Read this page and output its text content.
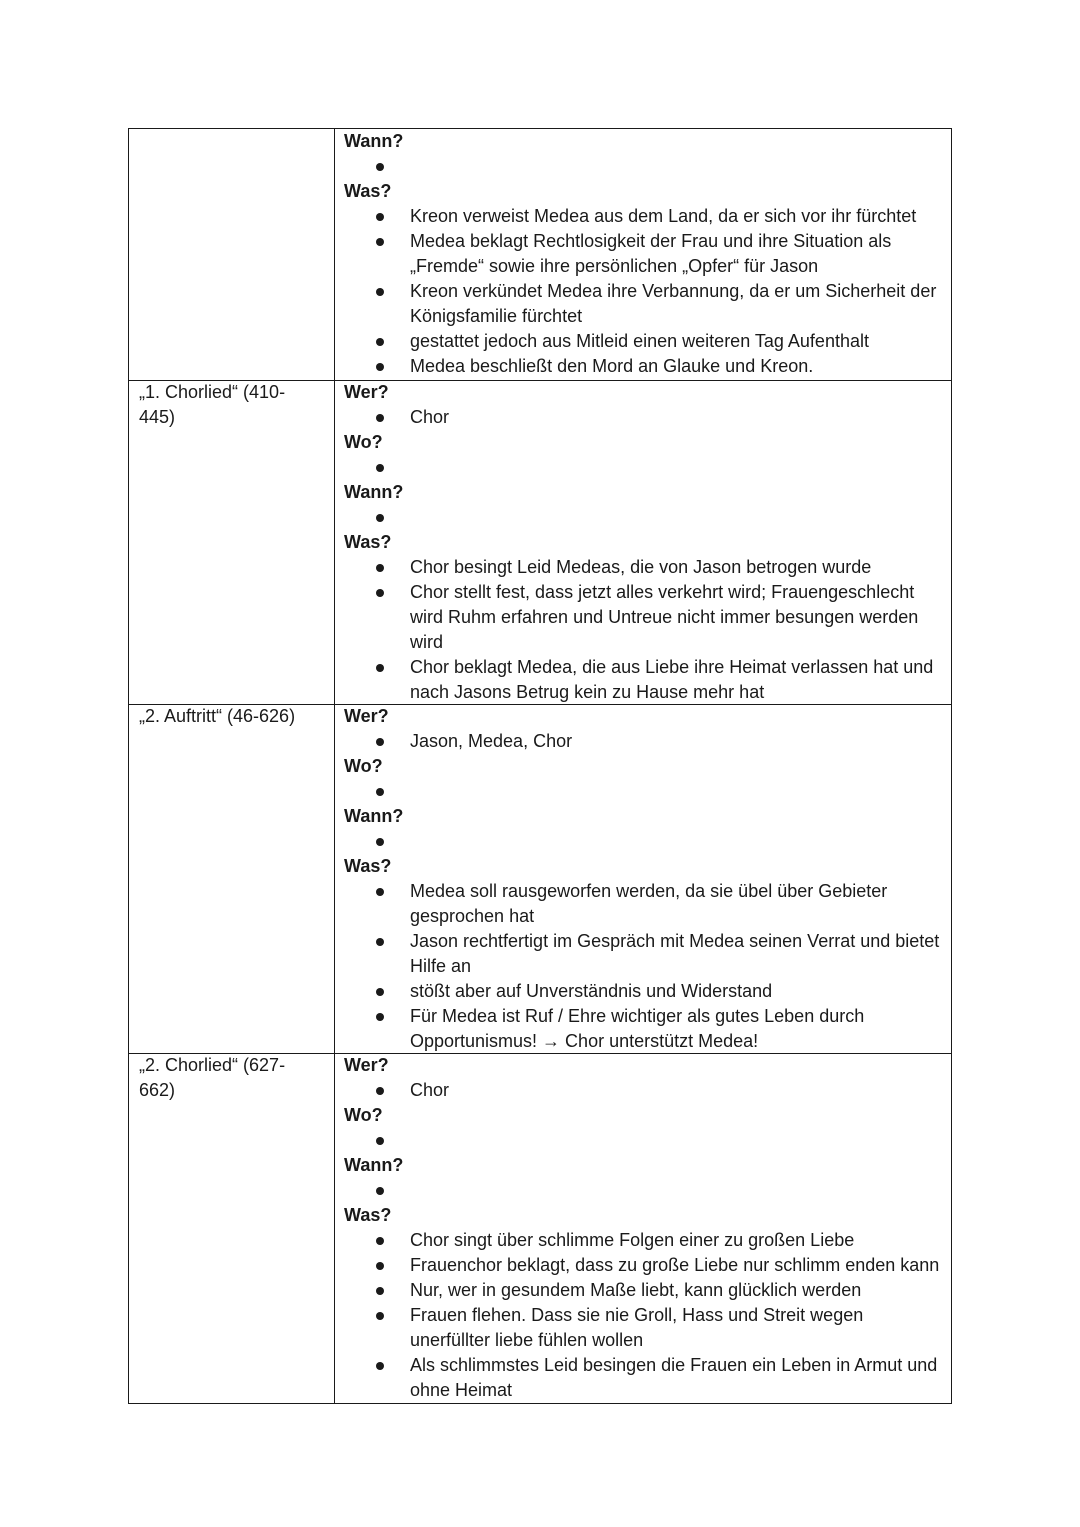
Wann?
Was?
Kreon verweist Medea aus dem Land, da er sich vor ihr fürchtet
Medea beklagt Rechtlosigkeit der Frau und ihre Situation als „Fremde“ sowie ihre persönlichen „Opfer“ für Jason
Kreon verkündet Medea ihre Verbannung, da er um Sicherheit der Königsfamilie fürchtet
gestattet jedoch aus Mitleid einen weiteren Tag Aufenthalt
Medea beschließt den Mord an Glauke und Kreon.
„1. Chorlied“ (410-445)
Wer?
Chor
Wo?
Wann?
Was?
Chor besingt Leid Medeas, die von Jason betrogen wurde
Chor stellt fest, dass jetzt alles verkehrt wird; Frauengeschlecht wird Ruhm erfahren und Untreue nicht immer besungen werden wird
Chor beklagt Medea, die aus Liebe ihre Heimat verlassen hat und nach Jasons Betrug kein zu Hause mehr hat
„2. Auftritt“ (46-626)	Wer?
Jason, Medea, Chor
Wo?
Wann?
Was?
Medea soll rausgeworfen werden, da sie übel über Gebieter gesprochen hat
Jason rechtfertigt im Gespräch mit Medea seinen Verrat und bietet Hilfe an
stößt aber auf Unverständnis und Widerstand
Für Medea ist Ruf / Ehre wichtiger als gutes Leben durch Opportunismus! → Chor unterstützt Medea!
„2. Chorlied“ (627-662)
Wer?
Chor
Wo?
Wann?
Was?
Chor singt über schlimme Folgen einer zu großen Liebe
Frauenchor beklagt, dass zu große Liebe nur schlimm enden kann
Nur, wer in gesundem Maße liebt, kann glücklich werden
Frauen flehen. Dass sie nie Groll, Hass und Streit wegen unerfüllter liebe fühlen wollen
Als schlimmstes Leid besingen die Frauen ein Leben in Armut und ohne Heimat
